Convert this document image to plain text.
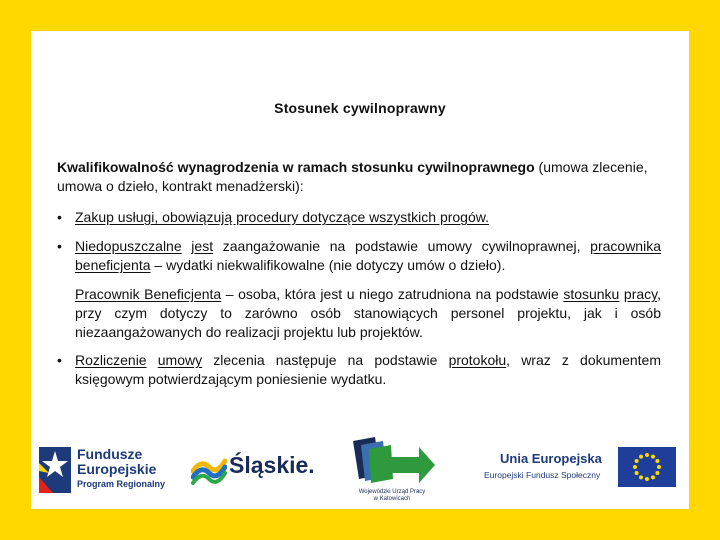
Stosunek cywilnoprawny
Kwalifikowalność wynagrodzenia w ramach stosunku cywilnoprawnego (umowa zlecenie, umowa o dzieło, kontrakt menadżerski):
• Zakup usługi, obowiązują procedury dotyczące wszystkich progów.
• Niedopuszczalne jest zaangażowanie na podstawie umowy cywilnoprawnej, pracownika beneficjenta – wydatki niekwalifikowalne (nie dotyczy umów o dzieło).
Pracownik Beneficjenta – osoba, która jest u niego zatrudniona na podstawie stosunku pracy, przy czym dotyczy to zarówno osób stanowiących personel projektu, jak i osób niezaangażowanych do realizacji projektu lub projektów.
• Rozliczenie umowy zlecenia następuje na podstawie protokołu, wraz z dokumentem księgowym potwierdzającym poniesienie wydatku.
Fundusze
Europejskie
Program Regionalny
Śląskie.
Wojewódzki Urząd Pracy
w Katowicach
Unia Europejska
Europejski Fundusz Społeczny
